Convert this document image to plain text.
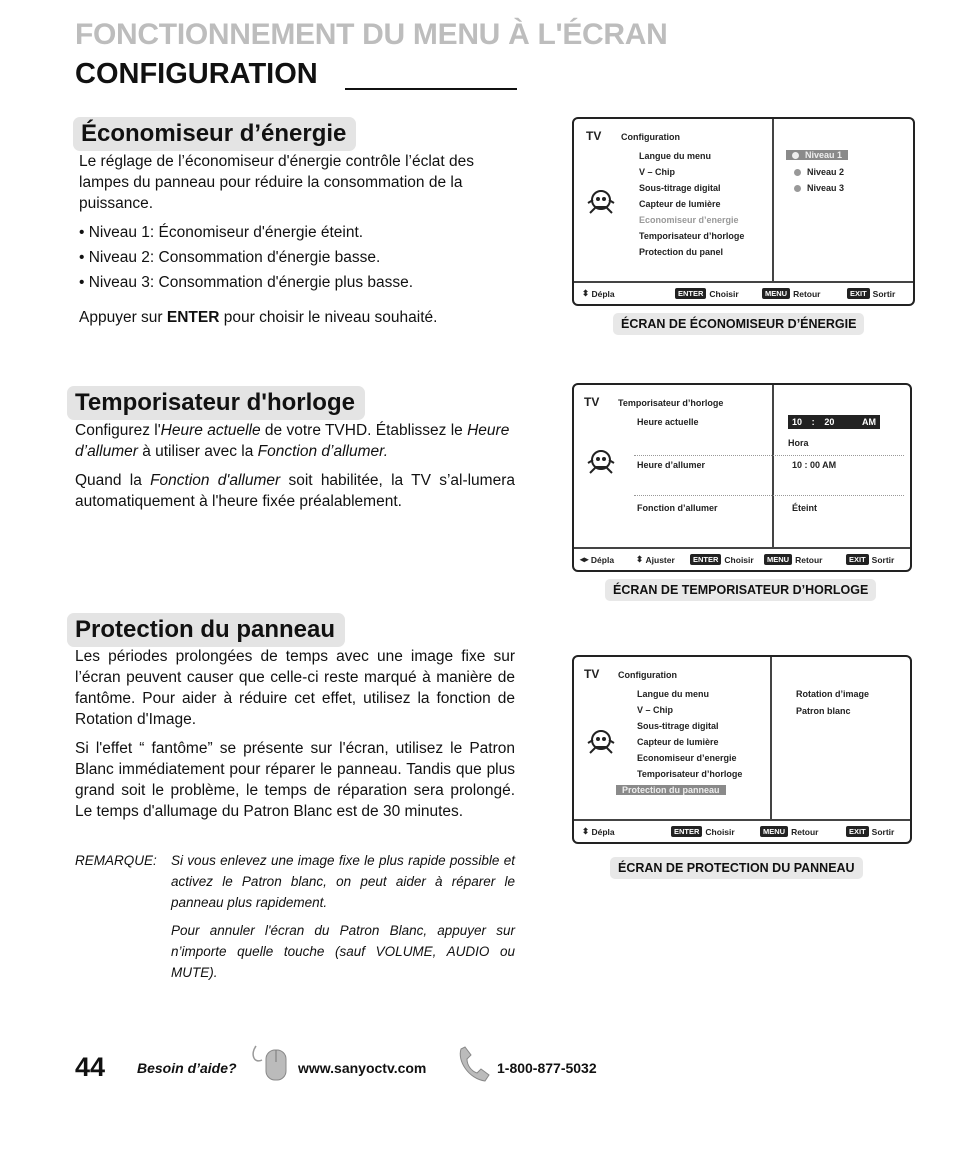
FONCTIONNEMENT DU MENU À L'ÉCRAN
CONFIGURATION
Économiseur d’énergie

Le réglage de l’économiseur d'énergie contrôle l’éclat des lampes du panneau pour réduire la consommation de la puissance.

• Niveau 1: Économiseur d'énergie éteint.
• Niveau 2: Consommation d'énergie basse.
• Niveau 3: Consommation d'énergie plus basse.

Appuyer sur ENTER pour choisir le niveau souhaité.

Temporisateur d'horloge

Configurez l'Heure actuelle de votre TVHD. Établissez le Heure d’allumer à utiliser avec la Fonction d’allumer.

Quand la Fonction d'allumer soit habilitée, la TV s’al-lumera automatiquement à l'heure fixée préalablement.

Protection du panneau

Les périodes prolongées de temps avec une image fixe sur l’écran peuvent causer que celle-ci reste marqué à manière de fantôme. Pour aider à réduire cet effet, utilisez la fonction de Rotation d'Image.

Si l'effet “ fantôme” se présente sur l'écran, utilisez le Patron Blanc immédiatement pour réparer le panneau. Tandis que plus grand soit le problème, le temps de réparation sera prolongé. Le temps d'allumage du Patron Blanc est de 30 minutes.

REMARQUE: Si vous enlevez une image fixe le plus rapide possible et activez le Patron blanc, on peut aider à réparer le panneau plus rapidement.
Pour annuler l'écran du Patron Blanc, appuyer sur n’importe quelle touche (sauf VOLUME, AUDIO ou MUTE).
TV Configuration
Langue du menu
V – Chip
Sous-titrage digital
Capteur de lumière
Economiseur d’energie
Temporisateur d’horloge
Protection du panel
Niveau 1
Niveau 2
Niveau 3
⬍
Dépla	ENTER Choisir	MENU Retour	EXIT Sortir
ÉCRAN DE ÉCONOMISEUR D’ÉNERGIE
TV Temporisateur d’horloge
Heure actuelle	10 : 20	AM
Hora
Heure d’allumer	10 : 00 AM
Fonction d’allumer	Éteint
◂▸
Dépla	⬍
Ajuster	ENTER Choisir	MENU Retour	EXIT Sortir
ÉCRAN DE TEMPORISATEUR D’HORLOGE
TV Configuration
Langue du menu
V – Chip
Sous-titrage digital
Capteur de lumière
Economiseur d’energie
Temporisateur d’horloge
Protection du panneau
Rotation d’image
Patron blanc
⬍
Dépla	ENTER Choisir	MENU Retour	EXIT Sortir
ÉCRAN DE PROTECTION DU PANNEAU
44 Besoin d’aide?	www.sanyoctv.com	1-800-877-5032
